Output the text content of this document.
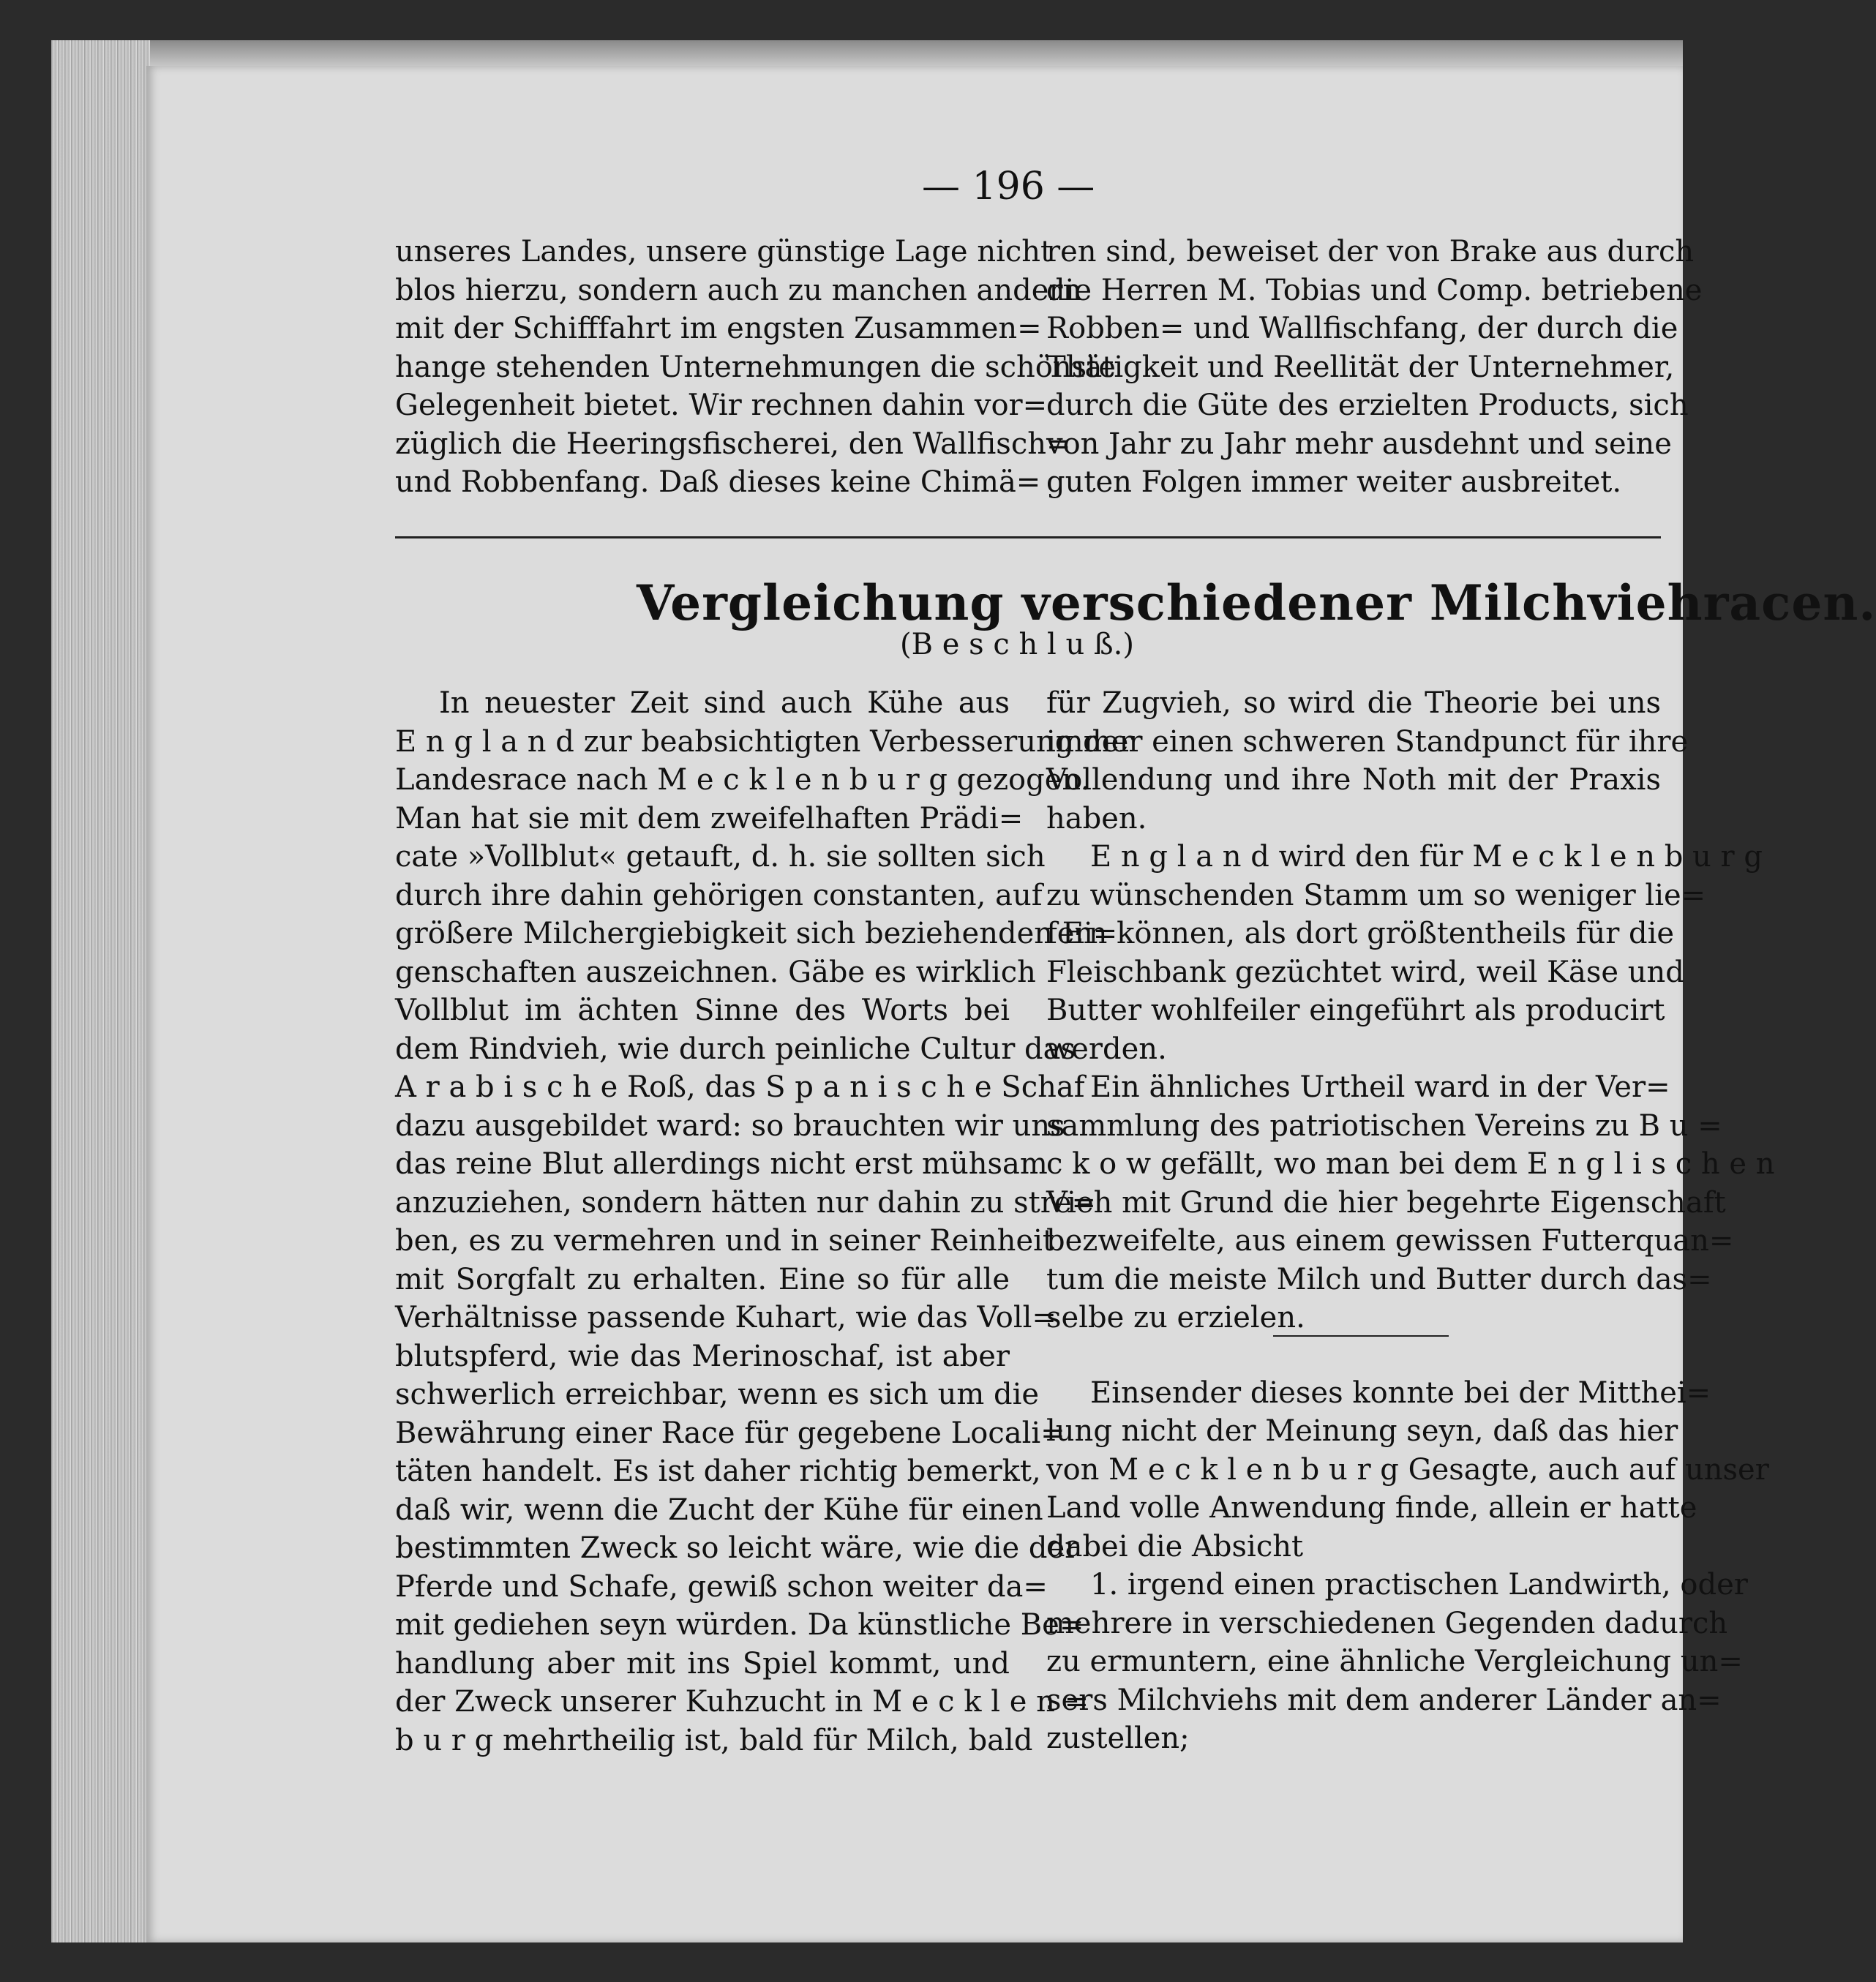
— 196 —
unseres Landes, unsere günstige Lage nicht
blos hierzu, sondern auch zu manchen andern
mit der Schifffahrt im engsten Zusammen=
hange stehenden Unternehmungen die schönste
Gelegenheit bietet. Wir rechnen dahin vor=
züglich die Heeringsfischerei, den Wallfisch=
und Robbenfang. Daß dieses keine Chimä=
ren sind, beweiset der von Brake aus durch
die Herren M. Tobias und Comp. betriebene
Robben= und Wallfischfang, der durch die
Thätigkeit und Reellität der Unternehmer,
durch die Güte des erzielten Products, sich
von Jahr zu Jahr mehr ausdehnt und seine
guten Folgen immer weiter ausbreitet.
Vergleichung verschiedener Milchviehracen.
(B e s c h l u ß.)
In neuester Zeit sind auch Kühe aus
E n g l a n d zur beabsichtigten Verbesserung der
Landesrace nach M e c k l e n b u r g gezogen.
Man hat sie mit dem zweifelhaften Prädi=
cate »Vollblut« getauft, d. h. sie sollten sich
durch ihre dahin gehörigen constanten, auf
größere Milchergiebigkeit sich beziehenden Ei=
genschaften auszeichnen. Gäbe es wirklich
Vollblut im ächten Sinne des Worts bei
dem Rindvieh, wie durch peinliche Cultur das
A r a b i s c h e Roß, das S p a n i s c h e Schaf
dazu ausgebildet ward: so brauchten wir uns
das reine Blut allerdings nicht erst mühsam
anzuziehen, sondern hätten nur dahin zu stre=
ben, es zu vermehren und in seiner Reinheit
mit Sorgfalt zu erhalten. Eine so für alle
Verhältnisse passende Kuhart, wie das Voll=
blutspferd, wie das Merinoschaf, ist aber
schwerlich erreichbar, wenn es sich um die
Bewährung einer Race für gegebene Locali=
täten handelt. Es ist daher richtig bemerkt,
daß wir, wenn die Zucht der Kühe für einen
bestimmten Zweck so leicht wäre, wie die der
Pferde und Schafe, gewiß schon weiter da=
mit gediehen seyn würden. Da künstliche Be=
handlung aber mit ins Spiel kommt, und
der Zweck unserer Kuhzucht in M e c k l e n =
b u r g mehrtheilig ist, bald für Milch, bald
für Zugvieh, so wird die Theorie bei uns
immer einen schweren Standpunct für ihre
Vollendung und ihre Noth mit der Praxis
haben.
E n g l a n d wird den für M e c k l e n b u r g
zu wünschenden Stamm um so weniger lie=
fern können, als dort größtentheils für die
Fleischbank gezüchtet wird, weil Käse und
Butter wohlfeiler eingeführt als producirt
werden.
Ein ähnliches Urtheil ward in der Ver=
sammlung des patriotischen Vereins zu B u =
c k o w gefällt, wo man bei dem E n g l i s c h e n
Vieh mit Grund die hier begehrte Eigenschaft
bezweifelte, aus einem gewissen Futterquan=
tum die meiste Milch und Butter durch das=
selbe zu erzielen.
Einsender dieses konnte bei der Mitthei=
lung nicht der Meinung seyn, daß das hier
von M e c k l e n b u r g Gesagte, auch auf unser
Land volle Anwendung finde, allein er hatte
dabei die Absicht
1. irgend einen practischen Landwirth, oder
mehrere in verschiedenen Gegenden dadurch
zu ermuntern, eine ähnliche Vergleichung un=
sers Milchviehs mit dem anderer Länder an=
zustellen;
